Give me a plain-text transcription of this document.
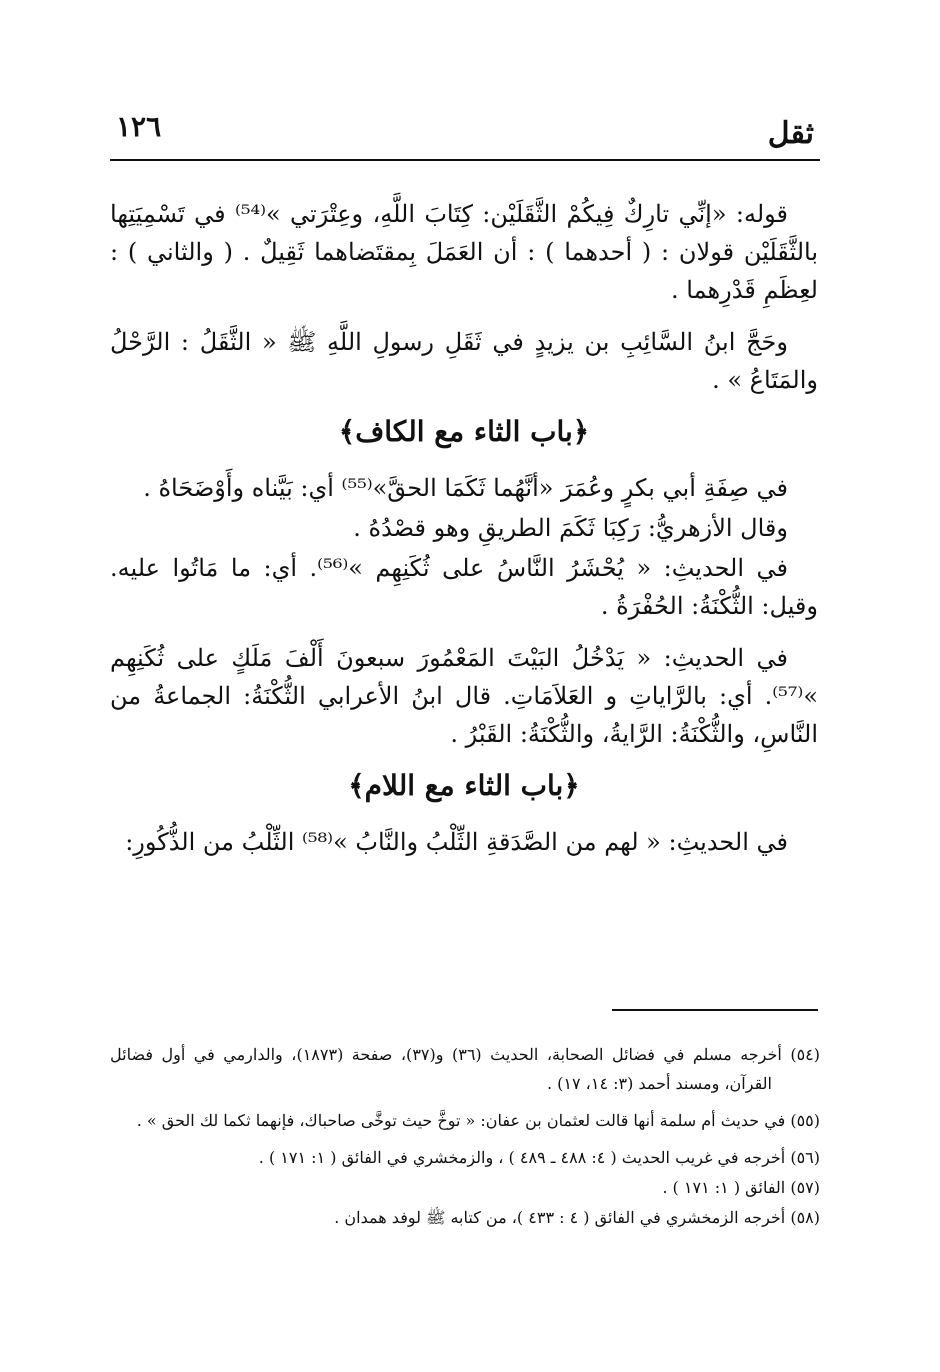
ثقل
١٢٦

قوله: «إنِّي تارِكٌ فِيكُمْ الثَّقَلَيْن: كِتَابَ اللَّهِ، وعِتْرَتي »⁽⁵⁴⁾ في تَسْمِيَتِها بالثَّقَلَيْن قولان : ( أحدهما ) : أن العَمَلَ بِمقتَضاهما ثَقِيلٌ . ( والثاني ) : لعِظَمِ قَدْرِهما .

وحَجَّ ابنُ السَّائِبِ بن يزيدٍ في ثَقَلِ رسولِ اللَّهِ ﷺ « الثَّقَلُ : الرَّحْلُ والمَتَاعُ » .

﴿باب الثاء مع الكاف﴾

في صِفَةِ أبي بكرٍ وعُمَرَ «أنَّهُما ثَكَمَا الحقَّ»⁽⁵⁵⁾ أي: بَيَّناه وأَوْضَحَاهُ .

وقال الأزهريُّ: رَكِبَا ثَكَمَ الطريقِ وهو قصْدُهُ .

في الحديثِ: « يُحْشَرُ النَّاسُ على ثُكَنِهِم »⁽⁵⁶⁾. أي: ما مَاتُوا عليه. وقيل: الثُّكْنَةُ: الحُفْرَةُ .

في الحديثِ: « يَدْخُلُ البَيْتَ المَعْمُورَ سبعونَ أَلْفَ مَلَكٍ على ثُكَنِهِم »⁽⁵⁷⁾. أي: بالرَّاياتِ و العَلاَمَاتِ. قال ابنُ الأعرابي الثُّكْنَةُ: الجماعةُ من النَّاسِ، والثُّكْنَةُ: الرَّايةُ، والثُّكْنَةُ: القَبْرُ .

﴿باب الثاء مع اللام﴾

في الحديثِ: « لهم من الصَّدَقةِ الثِّلْبُ والنَّابُ »⁽⁵⁸⁾ الثِّلْبُ من الذُّكُورِ:

(٥٤) أخرجه مسلم في فضائل الصحابة، الحديث (٣٦) و(٣٧)، صفحة (١٨٧٣)، والدارمي في أول فضائل القرآن، ومسند أحمد (٣: ١٤، ١٧) .

(٥٥) في حديث أم سلمة أنها قالت لعثمان بن عفان: « توخَّ حيث توخَّى صاحباك، فإنهما ثكما لك الحق » .

(٥٦) أخرجه في غريب الحديث ( ٤: ٤٨٨ ـ ٤٨٩ ) ، والزمخشري في الفائق ( ١: ١٧١ ) .

(٥٧) الفائق ( ١: ١٧١ ) .

(٥٨) أخرجه الزمخشري في الفائق ( ٤ : ٤٣٣ )، من كتابه ﷺ لوفد همدان .
